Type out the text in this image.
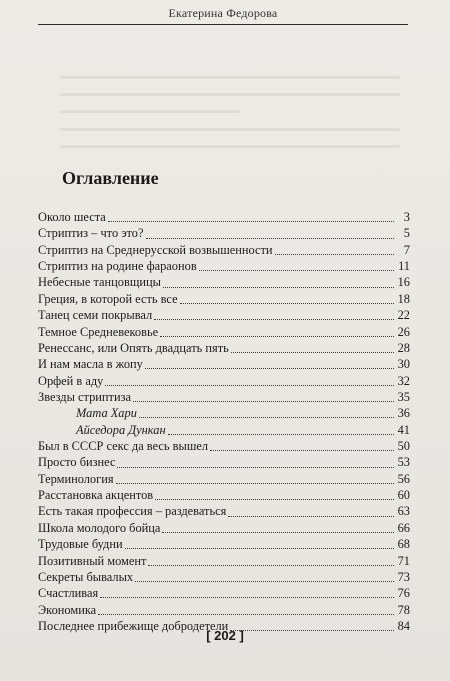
Екатерина Федорова
Оглавление
Около шеста	3
Стриптиз – что это?	5
Стриптиз на Среднерусской возвышенности	7
Стриптиз на родине фараонов	11
Небесные танцовщицы	16
Греция, в которой есть все	18
Танец семи покрывал	22
Темное Средневековье	26
Ренессанс, или Опять двадцать пять	28
И нам масла в жопу	30
Орфей в аду	32
Звезды стриптиза	35
Мата Хари	36
Айседора Дункан	41
Был в СССР секс да весь вышел	50
Просто бизнес	53
Терминология	56
Расстановка акцентов	60
Есть такая профессия – раздеваться	63
Школа молодого бойца	66
Трудовые будни	68
Позитивный момент	71
Секреты бывалых	73
Счастливая	76
Экономика	78
Последнее прибежище добродетели	84
[ 202 ]
